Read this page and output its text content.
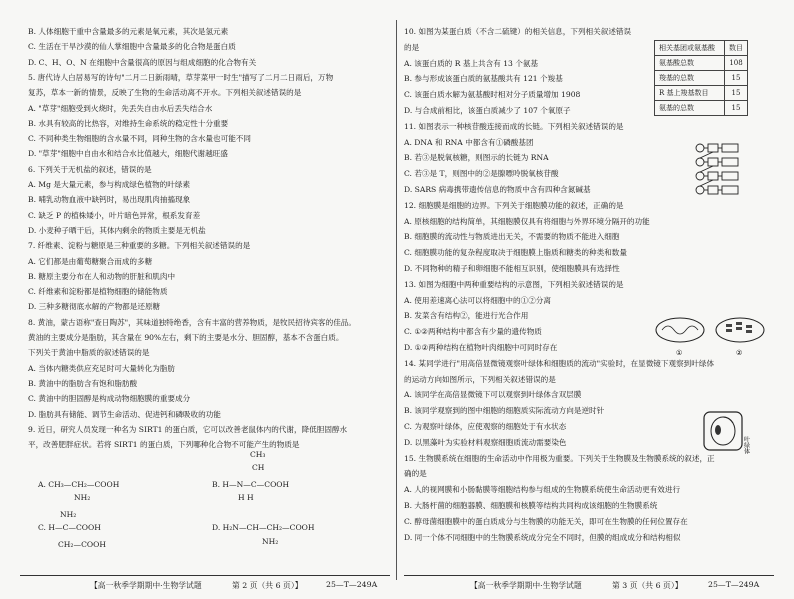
B. 人体细胞干重中含量最多的元素是氧元素，其次是氢元素
C. 生活在干旱沙漠的仙人掌细胞中含量最多的化合物是蛋白质
D. C、H、O、N 在细胞中含量很高的原因与组成细胞的化合物有关
5. 唐代诗人白居易写的诗句"二月二日新雨晴，草芽菜甲一时生"描写了二月二日雨后，万物
复苏，草本一新的情景，反映了生物的生命活动离不开水。下列相关叙述错误的是
A. "草芽"细胞受到火烧时，先丢失自由水后丢失结合水
B. 水具有较高的比热容，对维持生命系统的稳定性十分重要
C. 不同种类生物细胞的含水量不同，同种生物的含水量也可能不同
D. "草芽"细胞中自由水和结合水比值越大，细胞代谢越旺盛
6. 下列关于无机盐的叙述，错误的是
A. Mg 是大量元素，参与构成绿色植物的叶绿素
B. 哺乳动物血液中缺钙时，易出现肌肉抽搐现象
C. 缺乏 P 的植株矮小，叶片暗色异常，根系发育差
D. 小麦种子晒干后，其体内剩余的物质主要是无机盐
7. 纤维素、淀粉与糖原是三种重要的多糖。下列相关叙述错误的是
A. 它们都是由葡萄糖聚合而成的多糖
B. 糖原主要分布在人和动物的肝脏和肌肉中
C. 纤维素和淀粉都是植物细胞的储能物质
D. 三种多糖彻底水解的产物都是还原糖
8. 黄油，蒙古语称"查日陶苏"，其味道独特绝香，含有丰富的营养物质，是牧民招待宾客的佳品。
黄油的主要成分是脂肪，其含量在 90%左右，剩下的主要是水分、胆固醇，基本不含蛋白质。
下列关于黄油中脂质的叙述错误的是
A. 当体内糖类供应充足时可大量转化为脂肪
B. 黄油中的脂肪含有饱和脂肪酸
C. 黄油中的胆固醇是构成动物细胞膜的重要成分
D. 脂肪具有储能、调节生命活动、促进钙和磷吸收的功能
9. 近日，研究人员发现一种名为 SIRT1 的蛋白质，它可以改善老鼠体内的代谢，降低胆固醇水
平，改善肥胖症状。若将 SIRT1 的蛋白质，下列哪种化合物不可能产生的物质是
A. CH₃—CH₂—COOH
NH₂
CH₃
CH
B. H—N—C—COOH
H H
NH₂
C. H—C—COOH
CH₂—COOH
D. H₂N—CH—CH₂—COOH
NH₂
10. 如图为某蛋白质（不含二硫键）的相关信息，下列相关叙述错误
的是
A. 该蛋白质的 R 基上共含有 13 个氨基
B. 参与形成该蛋白质的氨基酸共有 121 个羧基
C. 该蛋白质水解为氨基酸时相对分子质量增加 1908
D. 与合成前相比，该蛋白质减少了 107 个氧原子
11. 如图表示一种核苷酸连接而成的长链。下列相关叙述错误的是
A. DNA 和 RNA 中都含有①磷酸基团
B. 若③是脱氧核糖，则图示的长链为 RNA
C. 若③是 T，则图中的②是腺嘌呤脱氧核苷酸
D. SARS 病毒携带遗传信息的物质中含有四种含氮碱基
12. 细胞膜是细胞的边界。下列关于细胞膜功能的叙述，正确的是
A. 原核细胞的结构简单，其细胞膜仅具有将细胞与外界环境分隔开的功能
B. 细胞膜的流动性与物质进出无关，不需要的物质不能进入细胞
C. 细胞膜功能的复杂程度取决于细胞膜上脂质和糖类的种类和数量
D. 不同物种的精子和卵细胞不能相互识别，使细胞膜具有选择性
13. 如图为细胞中两种重要结构的示意图，下列相关叙述错误的是
A. 使用差速离心法可以将细胞中的①②分离
B. 发菜含有结构②，能进行光合作用
C. ①②两种结构中都含有少量的遗传物质
D. ①②两种结构在植物叶肉细胞中可同时存在
14. 某同学进行"用高倍显微镜观察叶绿体和细胞质的流动"实验时，在显微镜下观察到叶绿体
的运动方向如图所示，下列相关叙述错误的是
A. 该同学在高倍显微镜下可以观察到叶绿体含双层膜
B. 该同学观察到的图中细胞的细胞质实际流动方向是逆时针
C. 为观察叶绿体，应使观察的细胞处于有水状态
D. 以黑藻叶为实验材料观察细胞质流动需要染色
15. 生物膜系统在细胞的生命活动中作用极为重要。下列关于生物膜及生物膜系统的叙述，正
确的是
A. 人的视网膜和小肠黏膜等细胞结构参与组成的生物膜系统使生命活动更有效进行
B. 大肠杆菌的细胞器膜、细胞膜和核膜等结构共同构成该细胞的生物膜系统
C. 醇母菌细胞膜中的蛋白质成分与生物膜的功能无关，即可在生物膜的任何位置存在
D. 同一个体不同细胞中的生物膜系统成分完全不同时，但膜的组成成分和结构相似
相关基团或氨基酸	数目
氨基酸总数	108
羧基的总数	15
R 基上羧基数目	15
氨基的总数	15
①	②
叶绿体
【高一秋季学期期中·生物学试题	第 2 页（共 6 页）】	25—T—249A	【高一秋季学期期中·生物学试题	第 3 页（共 6 页）】	25—T—249A
